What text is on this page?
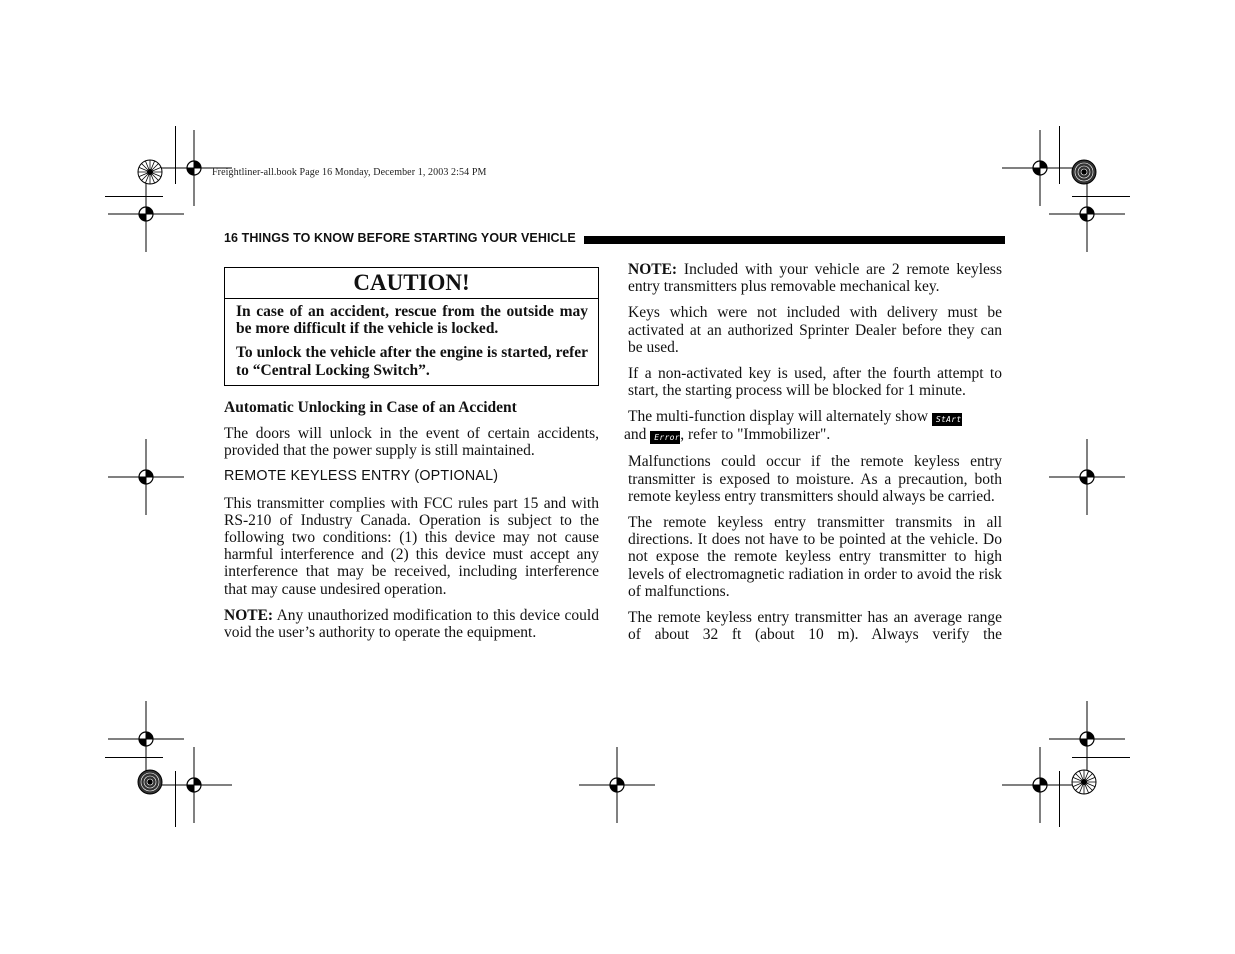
Freightliner-all.book Page 16 Monday, December 1, 2003 2:54 PM
16 THINGS TO KNOW BEFORE STARTING YOUR VEHICLE
CAUTION!

In case of an accident, rescue from the outside may be more difficult if the vehicle is locked.

To unlock the vehicle after the engine is started, refer to “Central Locking Switch”.

Automatic Unlocking in Case of an Accident

The doors will unlock in the event of certain accidents, provided that the power supply is still maintained.

REMOTE KEYLESS ENTRY (OPTIONAL)

This transmitter complies with FCC rules part 15 and with RS-210 of Industry Canada. Operation is subject to the following two conditions: (1) this device may not cause harmful interference and (2) this device must accept any interference that may be received, including interference that may cause undesired operation.

NOTE: Any unauthorized modification to this device could void the user’s authority to operate the equipment.

NOTE: Included with your vehicle are 2 remote keyless entry transmitters plus removable mechanical key.

Keys which were not included with delivery must be activated at an authorized Sprinter Dealer before they can be used.

If a non-activated key is used, after the fourth attempt to start, the starting process will be blocked for 1 minute.

The multi-function display will alternately show StArt
and Error, refer to "Immobilizer".

Malfunctions could occur if the remote keyless entry transmitter is exposed to moisture. As a precaution, both remote keyless entry transmitters should always be carried.

The remote keyless entry transmitter transmits in all directions. It does not have to be pointed at the vehicle. Do not expose the remote keyless entry transmitter to high levels of electromagnetic radiation in order to avoid the risk of malfunctions.

The remote keyless entry transmitter has an average range of about 32 ft (about 10 m). Always verify the
